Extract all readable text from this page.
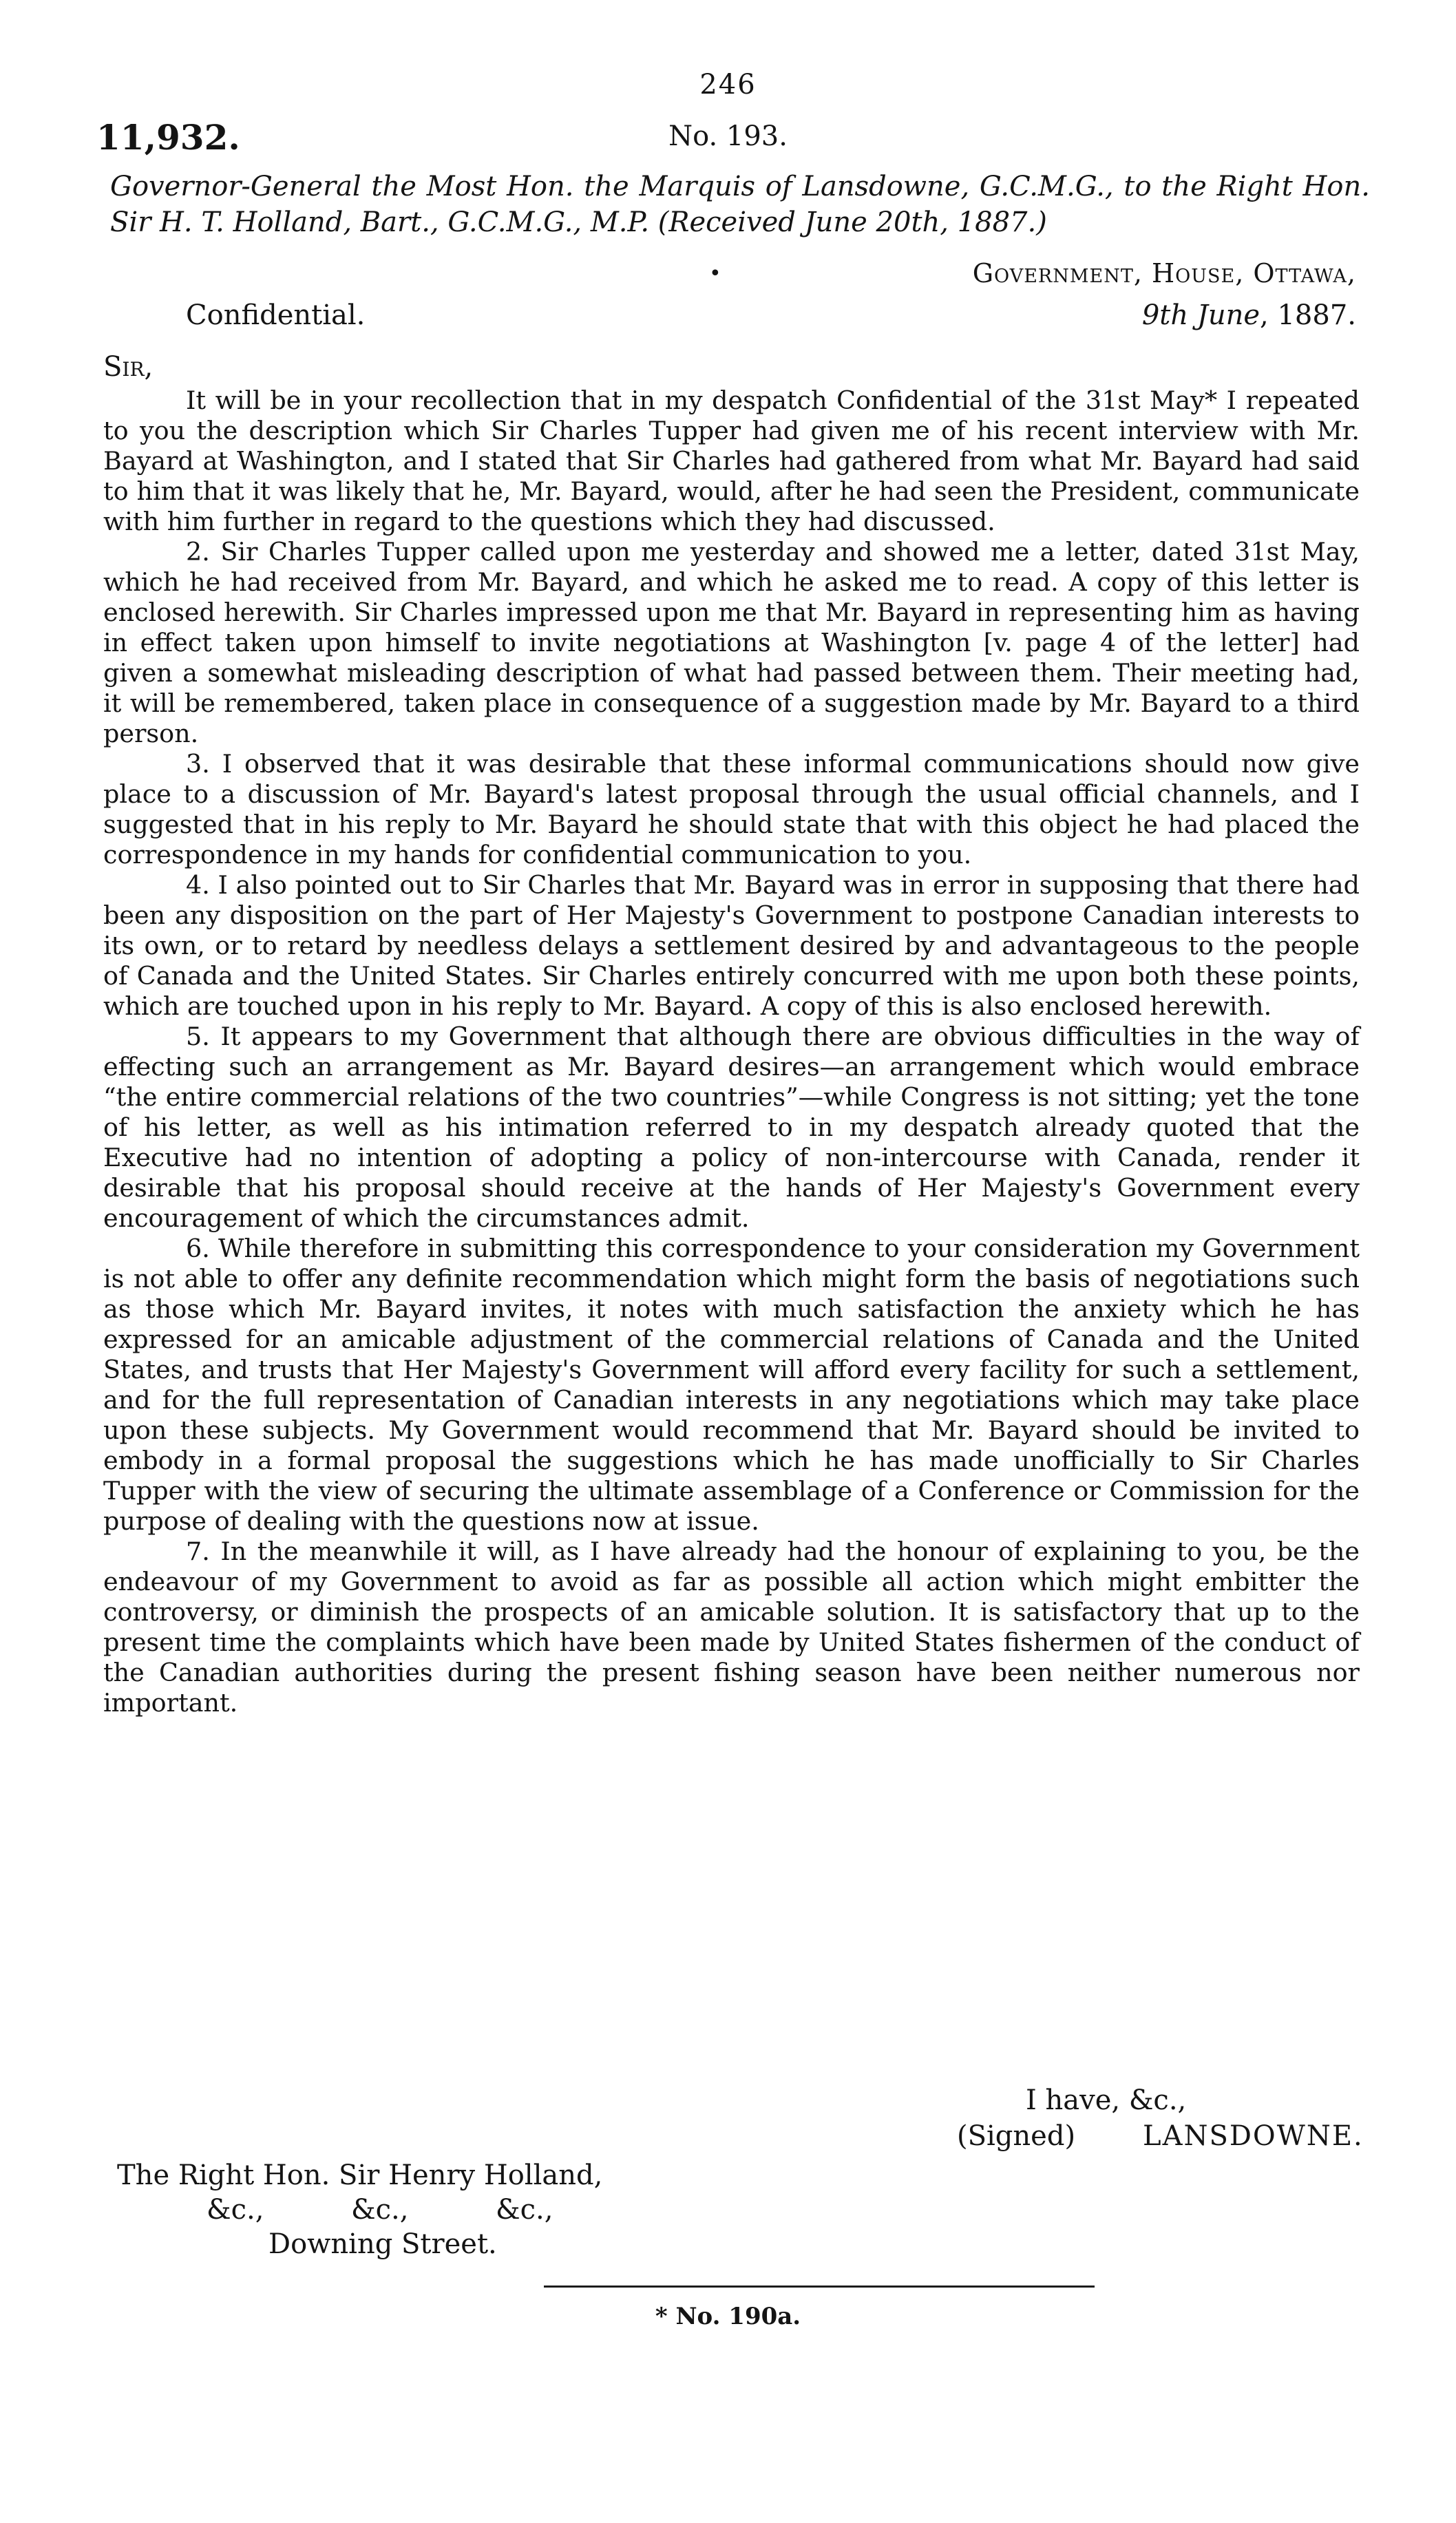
246
11,932.	No. 193.
Governor-General the Most Hon. the Marquis of Lansdowne, G.C.M.G., to the Right Hon. Sir H. T. Holland, Bart., G.C.M.G., M.P. (Received June 20th, 1887.)
•	Government, House, Ottawa,
Confidential.	9th June, 1887.
Sir,

It will be in your recollection that in my despatch Confidential of the 31st May* I repeated to you the description which Sir Charles Tupper had given me of his recent interview with Mr. Bayard at Washington, and I stated that Sir Charles had gathered from what Mr. Bayard had said to him that it was likely that he, Mr. Bayard, would, after he had seen the President, communicate with him further in regard to the questions which they had discussed.

2. Sir Charles Tupper called upon me yesterday and showed me a letter, dated 31st May, which he had received from Mr. Bayard, and which he asked me to read. A copy of this letter is enclosed herewith. Sir Charles impressed upon me that Mr. Bayard in representing him as having in effect taken upon himself to invite negotiations at Washington [v. page 4 of the letter] had given a somewhat misleading description of what had passed between them. Their meeting had, it will be remembered, taken place in consequence of a suggestion made by Mr. Bayard to a third person.

3. I observed that it was desirable that these informal communications should now give place to a discussion of Mr. Bayard's latest proposal through the usual official channels, and I suggested that in his reply to Mr. Bayard he should state that with this object he had placed the correspondence in my hands for confidential communication to you.

4. I also pointed out to Sir Charles that Mr. Bayard was in error in supposing that there had been any disposition on the part of Her Majesty's Government to postpone Canadian interests to its own, or to retard by needless delays a settlement desired by and advantageous to the people of Canada and the United States. Sir Charles entirely concurred with me upon both these points, which are touched upon in his reply to Mr. Bayard. A copy of this is also enclosed herewith.

5. It appears to my Government that although there are obvious difficulties in the way of effecting such an arrangement as Mr. Bayard desires—an arrangement which would embrace “the entire commercial relations of the two countries”—while Congress is not sitting; yet the tone of his letter, as well as his intimation referred to in my despatch already quoted that the Executive had no intention of adopting a policy of non-intercourse with Canada, render it desirable that his proposal should receive at the hands of Her Majesty's Government every encouragement of which the circumstances admit.

6. While therefore in submitting this correspondence to your consideration my Government is not able to offer any definite recommendation which might form the basis of negotiations such as those which Mr. Bayard invites, it notes with much satisfaction the anxiety which he has expressed for an amicable adjustment of the commercial relations of Canada and the United States, and trusts that Her Majesty's Government will afford every facility for such a settlement, and for the full representation of Canadian interests in any negotiations which may take place upon these subjects. My Government would recommend that Mr. Bayard should be invited to embody in a formal proposal the suggestions which he has made unofficially to Sir Charles Tupper with the view of securing the ultimate assemblage of a Conference or Commission for the purpose of dealing with the questions now at issue.

7. In the meanwhile it will, as I have already had the honour of explaining to you, be the endeavour of my Government to avoid as far as possible all action which might embitter the controversy, or diminish the prospects of an amicable solution. It is satisfactory that up to the present time the complaints which have been made by United States fishermen of the conduct of the Canadian authorities during the present fishing season have been neither numerous nor important.

I have, &c.,
(Signed) LANSDOWNE.
The Right Hon. Sir Henry Holland,
&c.,	&c.,	&c.,
Downing Street.
* No. 190a.
